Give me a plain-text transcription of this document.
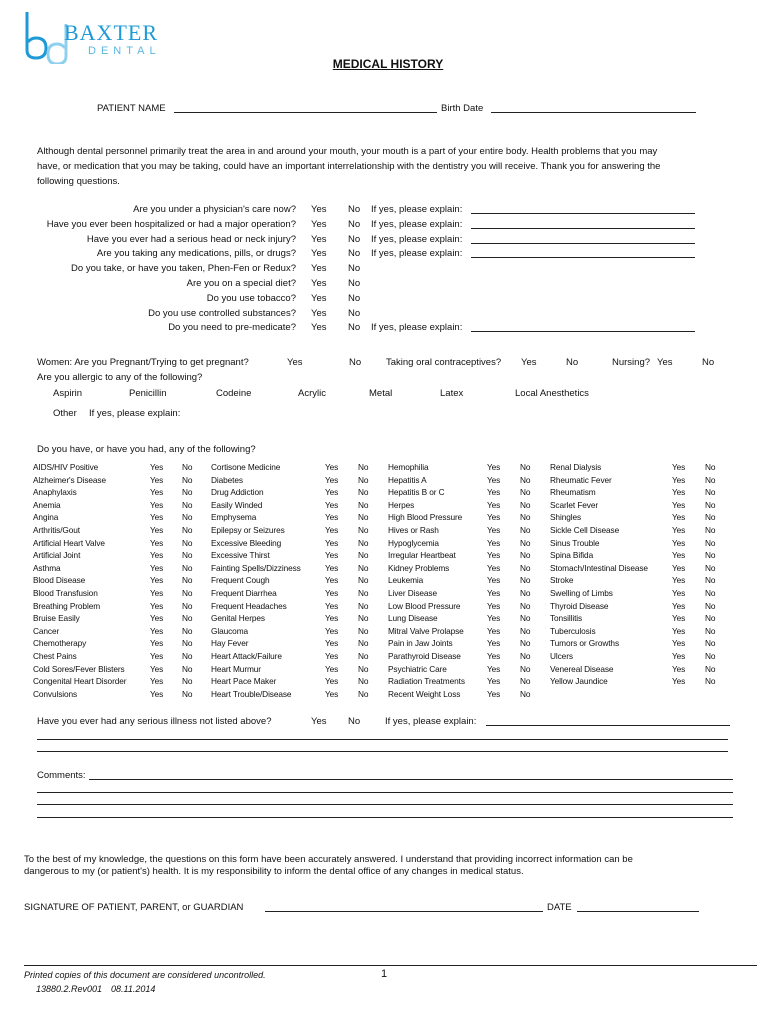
BAXTER
DENTAL
MEDICAL HISTORY
PATIENT NAME	Birth Date
Although dental personnel primarily treat the area in and around your mouth, your mouth is a part of your entire body. Health problems that you may
have, or medication that you may be taking, could have an important interrelationship with the dentistry you will receive. Thank you for answering the
following questions.
Are you under a physician's care now? Yes No If yes, please explain:
Have you ever been hospitalized or had a major operation? Yes No If yes, please explain:
Have you ever had a serious head or neck injury? Yes No If yes, please explain:
Are you taking any medications, pills, or drugs? Yes No If yes, please explain:
Do you take, or have you taken, Phen-Fen or Redux? Yes No
Are you on a special diet? Yes No
Do you use tobacco? Yes No
Do you use controlled substances? Yes No
Do you need to pre-medicate? Yes No If yes, please explain:
Women: Are you Pregnant/Trying to get pregnant?	Yes	No	Taking oral contraceptives? Yes	No	Nursing? Yes	No
Are you allergic to any of the following?
Aspirin	Penicillin	Codeine	Acrylic	Metal	Latex	Local Anesthetics
Other If yes, please explain:
Do you have, or have you had, any of the following?
AIDS/HIV Positive	Yes No
Alzheimer's Disease	Yes No
Anaphylaxis	Yes No
Anemia	Yes No
Angina	Yes No
Arthritis/Gout	Yes No
Artificial Heart Valve	Yes No
Artificial Joint	Yes No
Asthma	Yes No
Blood Disease	Yes No
Blood Transfusion	Yes No
Breathing Problem	Yes No
Bruise Easily	Yes No
Cancer	Yes No
Chemotherapy	Yes No
Chest Pains	Yes No
Cold Sores/Fever Blisters	Yes No
Congenital Heart Disorder	Yes No
Convulsions	Yes No
Cortisone Medicine	Yes No
Diabetes	Yes No
Drug Addiction	Yes No
Easily Winded	Yes No
Emphysema	Yes No
Epilepsy or Seizures	Yes No
Excessive Bleeding	Yes No
Excessive Thirst	Yes No
Fainting Spells/Dizziness	Yes No
Frequent Cough	Yes No
Frequent Diarrhea	Yes No
Frequent Headaches	Yes No
Genital Herpes	Yes No
Glaucoma	Yes No
Hay Fever	Yes No
Heart Attack/Failure	Yes No
Heart Murmur	Yes No
Heart Pace Maker	Yes No
Heart Trouble/Disease	Yes No
Hemophilia	Yes No
Hepatitis A	Yes No
Hepatitis B or C	Yes No
Herpes	Yes No
High Blood Pressure	Yes No
Hives or Rash	Yes No
Hypoglycemia	Yes No
Irregular Heartbeat	Yes No
Kidney Problems	Yes No
Leukemia	Yes No
Liver Disease	Yes No
Low Blood Pressure	Yes No
Lung Disease	Yes No
Mitral Valve Prolapse	Yes No
Pain in Jaw Joints	Yes No
Parathyroid Disease	Yes No
Psychiatric Care	Yes No
Radiation Treatments	Yes No
Recent Weight Loss	Yes No
Renal Dialysis	Yes No
Rheumatic Fever	Yes No
Rheumatism	Yes No
Scarlet Fever	Yes No
Shingles	Yes No
Sickle Cell Disease	Yes No
Sinus Trouble	Yes No
Spina Bifida	Yes No
Stomach/Intestinal Disease	Yes No
Stroke	Yes No
Swelling of Limbs	Yes No
Thyroid Disease	Yes No
Tonsillitis	Yes No
Tuberculosis	Yes No
Tumors or Growths	Yes No
Ulcers	Yes No
Venereal Disease	Yes No
Yellow Jaundice	Yes No
Have you ever had any serious illness not listed above?	Yes No	If yes, please explain:
Comments:
To the best of my knowledge, the questions on this form have been accurately answered. I understand that providing incorrect information can be
dangerous to my (or patient's) health. It is my responsibility to inform the dental office of any changes in medical status.
SIGNATURE OF PATIENT, PARENT, or GUARDIAN	DATE
Printed copies of this document are considered uncontrolled.
13880.2.Rev001 08.11.2014
1
